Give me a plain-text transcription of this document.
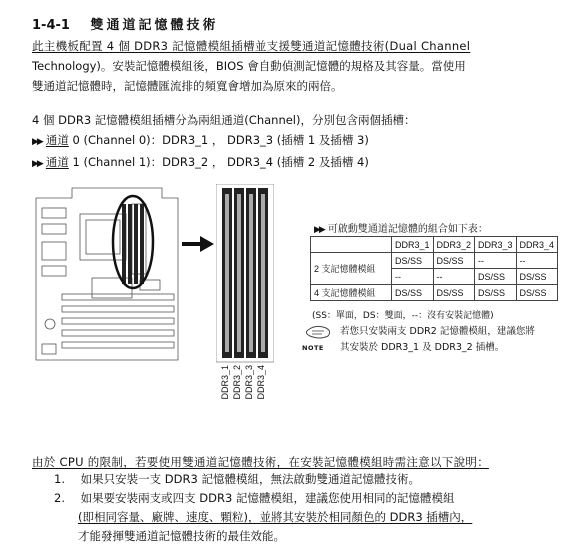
1-4-1 雙通道記憶體技術
此主機板配置 4 個 DDR3 記憶體模組插槽並支援雙通道記憶體技術(Dual Channel
Technology)。安裝記憶體模組後，BIOS 會自動偵測記憶體的規格及其容量。當使用
雙通道記憶體時，記憶體匯流排的頻寬會增加為原來的兩倍。
4 個 DDR3 記憶體模組插槽分為兩組通道(Channel)，分別包含兩個插槽：
▶▶ 通道 0 (Channel 0)：DDR3_1 ， DDR3_3 (插槽 1 及插槽 3)
▶▶ 通道 1 (Channel 1)：DDR3_2 ， DDR3_4 (插槽 2 及插槽 4)
DDR3_1 DDR3_2 DDR3_3 DDR3_4
▶▶ 可啟動雙通道記憶體的組合如下表：
	DDR3_1	DDR3_2	DDR3_3	DDR3_4
2 支記憶體模組	DS/SS	DS/SS	--	--
	--	--	DS/SS	DS/SS
4 支記憶體模組	DS/SS	DS/SS	DS/SS	DS/SS
(SS：單面，DS：雙面，--：沒有安裝記憶體)
NOTE
若您只安裝兩支 DDR2 記憶體模組，建議您將
其安裝於 DDR3_1 及 DDR3_2 插槽。
由於 CPU 的限制，若要使用雙通道記憶體技術，在安裝記憶體模組時需注意以下說明：
1. 如果只安裝一支 DDR3 記憶體模組，無法啟動雙通道記憶體技術。
2. 如果要安裝兩支或四支 DDR3 記憶體模組，建議您使用相同的記憶體模組
(即相同容量、廠牌、速度、顆粒)，並將其安裝於相同顏色的 DDR3 插槽內，
才能發揮雙通道記憶體技術的最佳效能。
